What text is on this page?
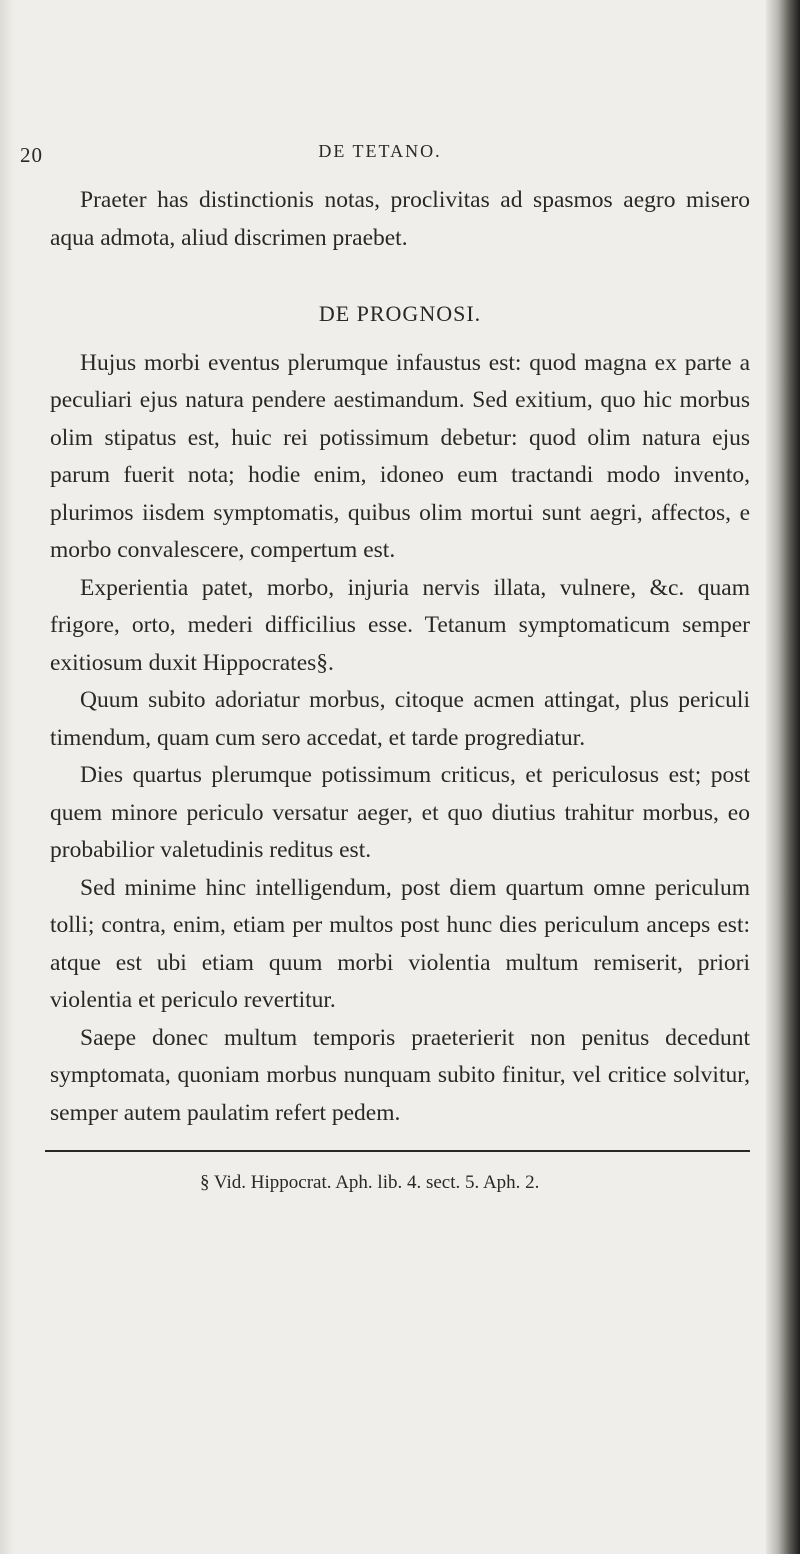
20	DE TETANO.

Praeter has distinctionis notas, proclivitas ad spasmos aegro misero aqua admota, aliud discrimen praebet.

DE PROGNOSI.

Hujus morbi eventus plerumque infaustus est: quod magna ex parte a peculiari ejus natura pendere aestimandum. Sed exitium, quo hic morbus olim stipatus est, huic rei potissimum debetur: quod olim natura ejus parum fuerit nota; hodie enim, idoneo eum tractandi modo invento, plurimos iisdem symptomatis, quibus olim mortui sunt aegri, affectos, e morbo convalescere, compertum est.

Experientia patet, morbo, injuria nervis illata, vulnere, &c. quam frigore, orto, mederi difficilius esse. Tetanum symptomaticum semper exitiosum duxit Hippocrates§.

Quum subito adoriatur morbus, citoque acmen attingat, plus periculi timendum, quam cum sero accedat, et tarde progrediatur.

Dies quartus plerumque potissimum criticus, et periculosus est; post quem minore periculo versatur aeger, et quo diutius trahitur morbus, eo probabilior valetudinis reditus est.

Sed minime hinc intelligendum, post diem quartum omne periculum tolli; contra, enim, etiam per multos post hunc dies periculum anceps est: atque est ubi etiam quum morbi violentia multum remiserit, priori violentia et periculo revertitur.

Saepe donec multum temporis praeterierit non penitus decedunt symptomata, quoniam morbus nunquam subito finitur, vel critice solvitur, semper autem paulatim refert pedem.

§ Vid. Hippocrat. Aph. lib. 4. sect. 5. Aph. 2.
